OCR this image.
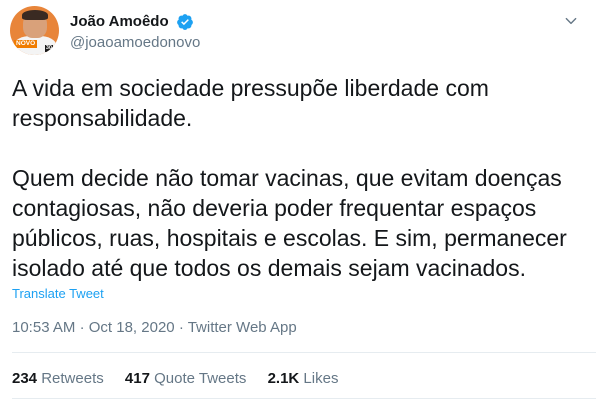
NOVO
30
João Amoêdo
@joaoamoedonovo

A vida em sociedade pressupõe liberdade com responsabilidade.

Quem decide não tomar vacinas, que evitam doenças contagiosas, não deveria poder frequentar espaços públicos, ruas, hospitais e escolas. E sim, permanecer isolado até que todos os demais sejam vacinados.

Translate Tweet
10:53 AM · Oct 18, 2020 · Twitter Web App
234 Retweets 417 Quote Tweets 2.1K Likes
